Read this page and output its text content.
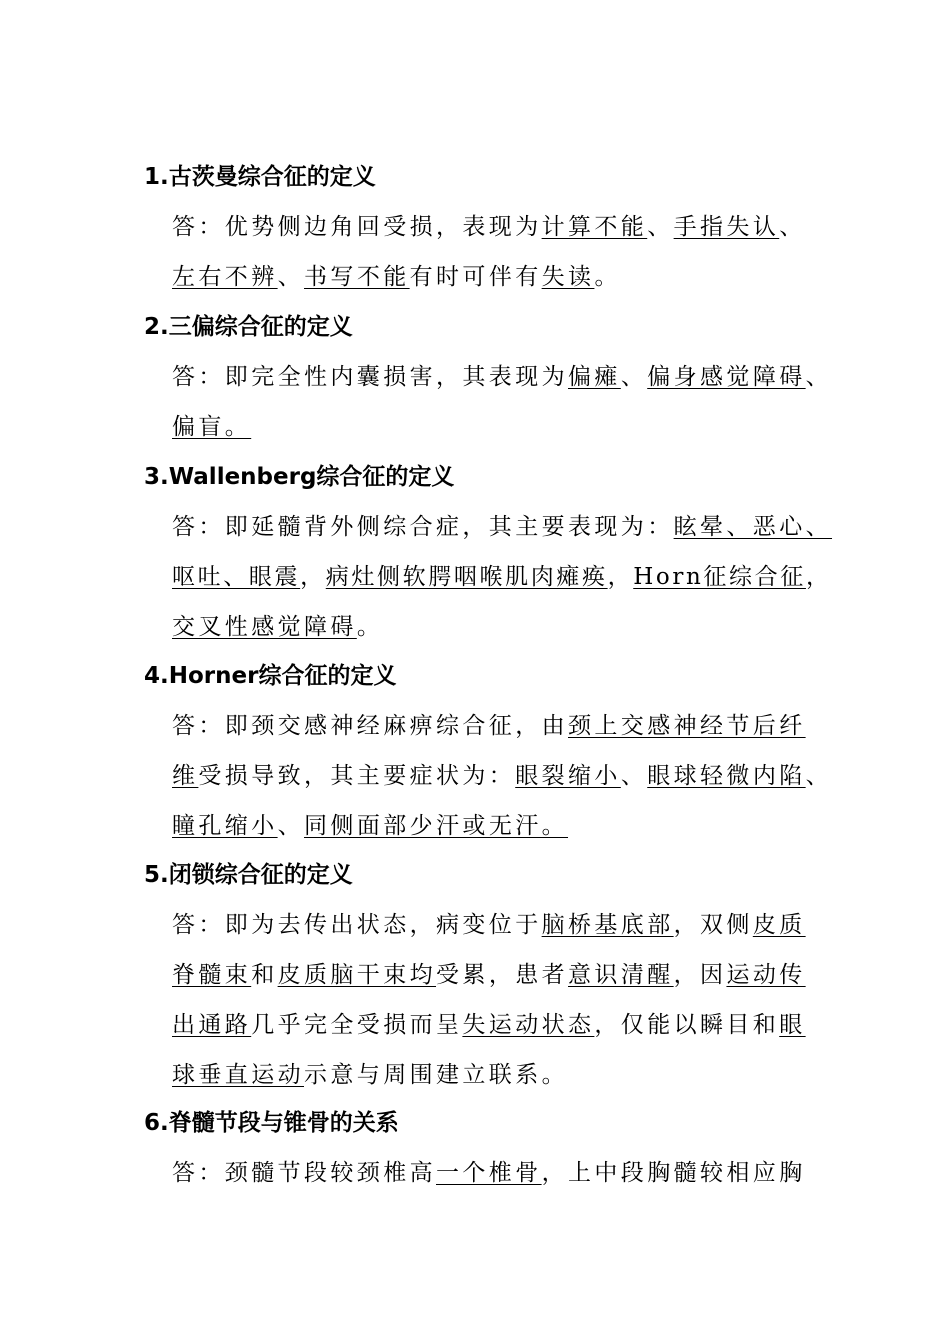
1.古茨曼综合征的定义
答：优势侧边角回受损，表现为计算不能、手指失认、
左右不辨、书写不能有时可伴有失读。
2.三偏综合征的定义
答：即完全性内囊损害，其表现为偏瘫、偏身感觉障碍、
偏盲。
3.Wallenberg综合征的定义
答：即延髓背外侧综合症，其主要表现为：眩晕、恶心、
呕吐、眼震，病灶侧软腭咽喉肌肉瘫痪，Horn征综合征，
交叉性感觉障碍。
4.Horner综合征的定义
答：即颈交感神经麻痹综合征，由颈上交感神经节后纤
维受损导致，其主要症状为：眼裂缩小、眼球轻微内陷、
瞳孔缩小、同侧面部少汗或无汗。
5.闭锁综合征的定义
答：即为去传出状态，病变位于脑桥基底部，双侧皮质
脊髓束和皮质脑干束均受累，患者意识清醒，因运动传
出通路几乎完全受损而呈失运动状态，仅能以瞬目和眼
球垂直运动示意与周围建立联系。
6.脊髓节段与锥骨的关系
答：颈髓节段较颈椎高一个椎骨，上中段胸髓较相应胸
